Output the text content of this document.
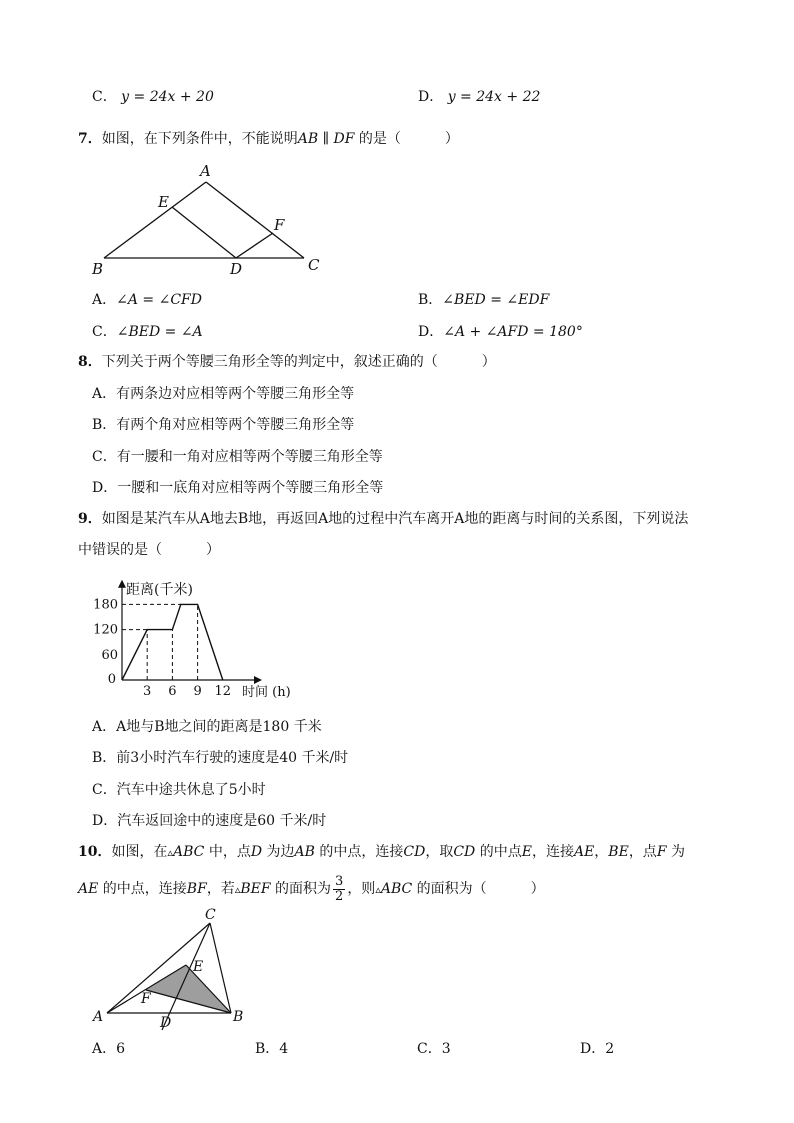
C． y = 24x + 20	D． y = 24x + 22
7．如图，在下列条件中，不能说明AB ∥ DF 的是（	）
A
B	C
D
E
F
A．∠A = ∠CFD	B．∠BED = ∠EDF
C．∠BED = ∠A	D．∠A + ∠AFD = 180°
8．下列关于两个等腰三角形全等的判定中，叙述正确的（	）
A．有两条边对应相等两个等腰三角形全等
B．有两个角对应相等两个等腰三角形全等
C．有一腰和一角对应相等两个等腰三角形全等
D．一腰和一底角对应相等两个等腰三角形全等
9．如图是某汽车从A地去B地，再返回A地的过程中汽车离开A地的距离与时间的关系图，下列说法
中错误的是（	）
3 6 9 12
60
120
180
0
距离(千米)
时间 (h)
A．A地与B地之间的距离是180 千米
B．前3小时汽车行驶的速度是40 千米/时
C．汽车中途共休息了5小时
D．汽车返回途中的速度是60 千米/时
10．如图，在▵ABC 中，点D 为边AB 的中点，连接CD，取CD 的中点E，连接AE，BE，点F 为
AE 的中点，连接BF，若▵BEF 的面积为 $\frac{3}{2}$ ，则▵ABC 的面积为（	）
A	B
C
D
E
F
A．6	B．4	C．3	D．2
